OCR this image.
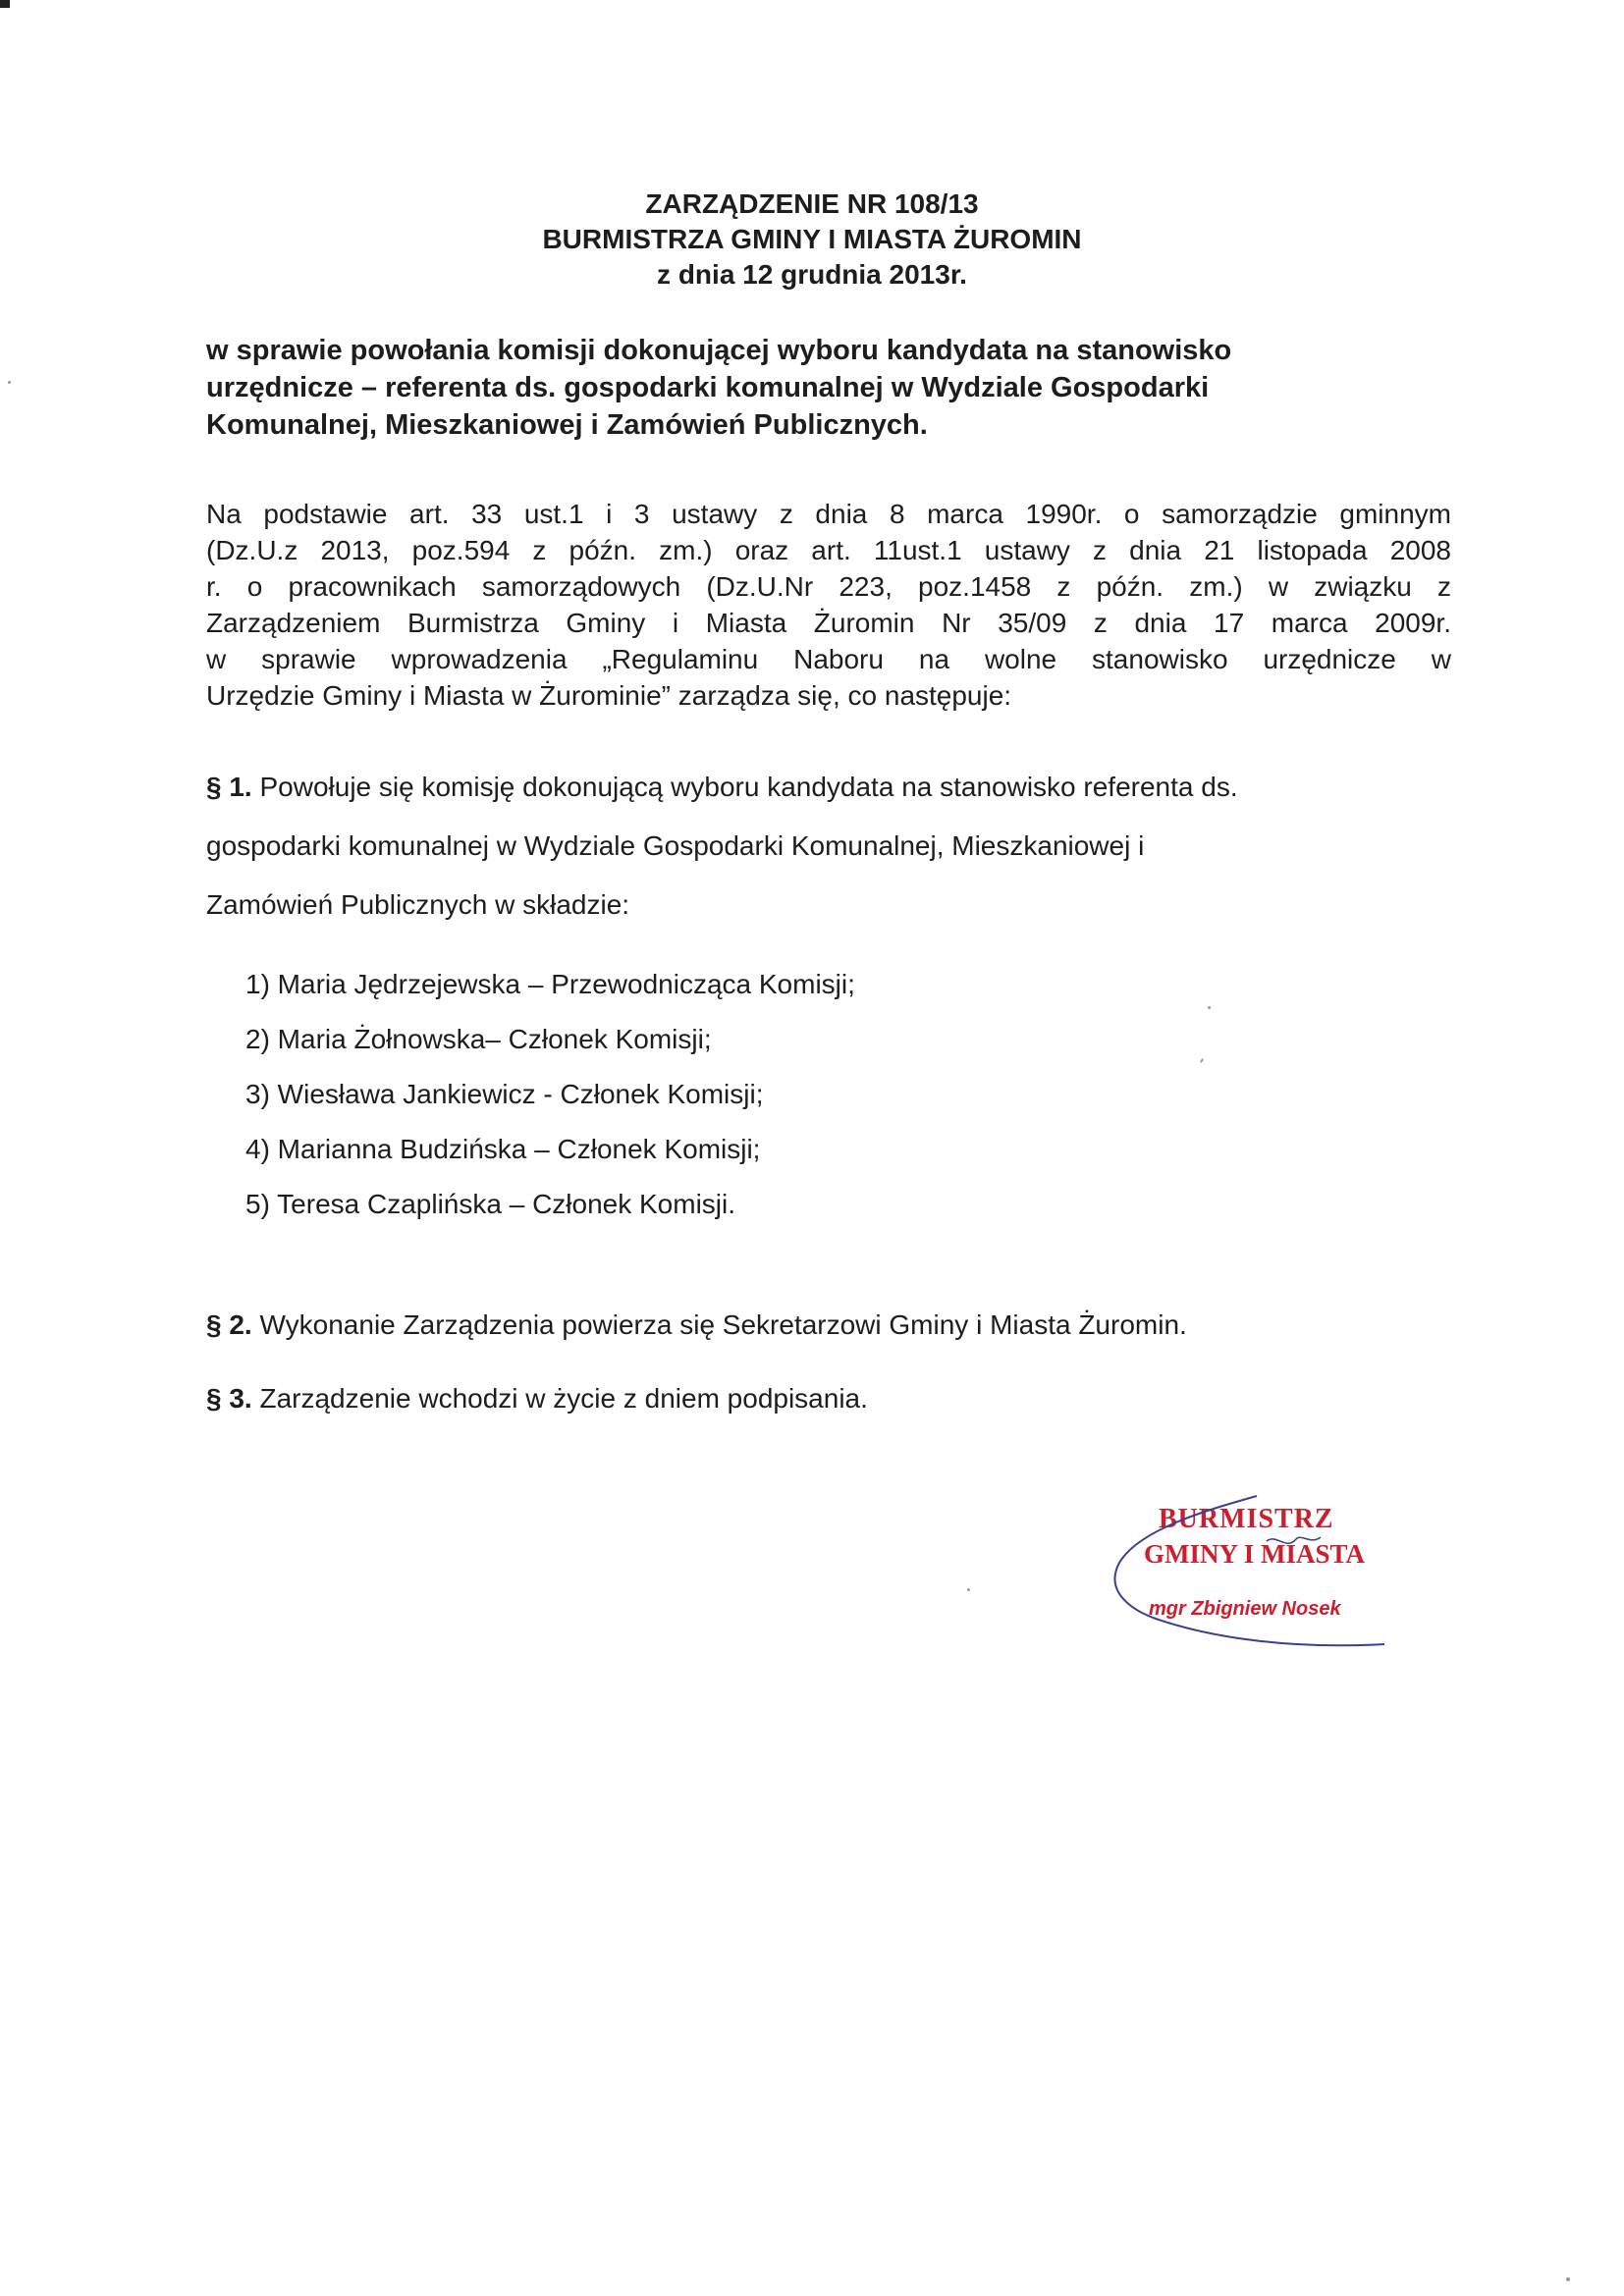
ZARZĄDZENIE NR 108/13
BURMISTRZA GMINY I MIASTA ŻUROMIN
z dnia 12 grudnia 2013r.
w sprawie powołania komisji dokonującej wyboru kandydata na stanowisko
urzędnicze – referenta ds. gospodarki komunalnej w Wydziale Gospodarki
Komunalnej, Mieszkaniowej i Zamówień Publicznych.
Na podstawie art. 33 ust.1 i 3 ustawy z dnia 8 marca 1990r. o samorządzie gminnym
(Dz.U.z 2013, poz.594 z późn. zm.) oraz art. 11ust.1 ustawy z dnia 21 listopada 2008
r. o pracownikach samorządowych (Dz.U.Nr 223, poz.1458 z późn. zm.) w związku z
Zarządzeniem Burmistrza Gminy i Miasta Żuromin Nr 35/09 z dnia 17 marca 2009r.
w sprawie wprowadzenia „Regulaminu Naboru na wolne stanowisko urzędnicze w
Urzędzie Gminy i Miasta w Żurominie” zarządza się, co następuje:
§ 1. Powołuje się komisję dokonującą wyboru kandydata na stanowisko referenta ds.
gospodarki komunalnej w Wydziale Gospodarki Komunalnej, Mieszkaniowej i
Zamówień Publicznych w składzie:
1) Maria Jędrzejewska – Przewodnicząca Komisji;
2) Maria Żołnowska– Członek Komisji;
3) Wiesława Jankiewicz - Członek Komisji;
4) Marianna Budzińska – Członek Komisji;
5) Teresa Czaplińska – Członek Komisji.
§ 2. Wykonanie Zarządzenia powierza się Sekretarzowi Gminy i Miasta Żuromin.
§ 3. Zarządzenie wchodzi w życie z dniem podpisania.
BURMISTRZ
GMINY I MIASTA
mgr Zbigniew Nosek
